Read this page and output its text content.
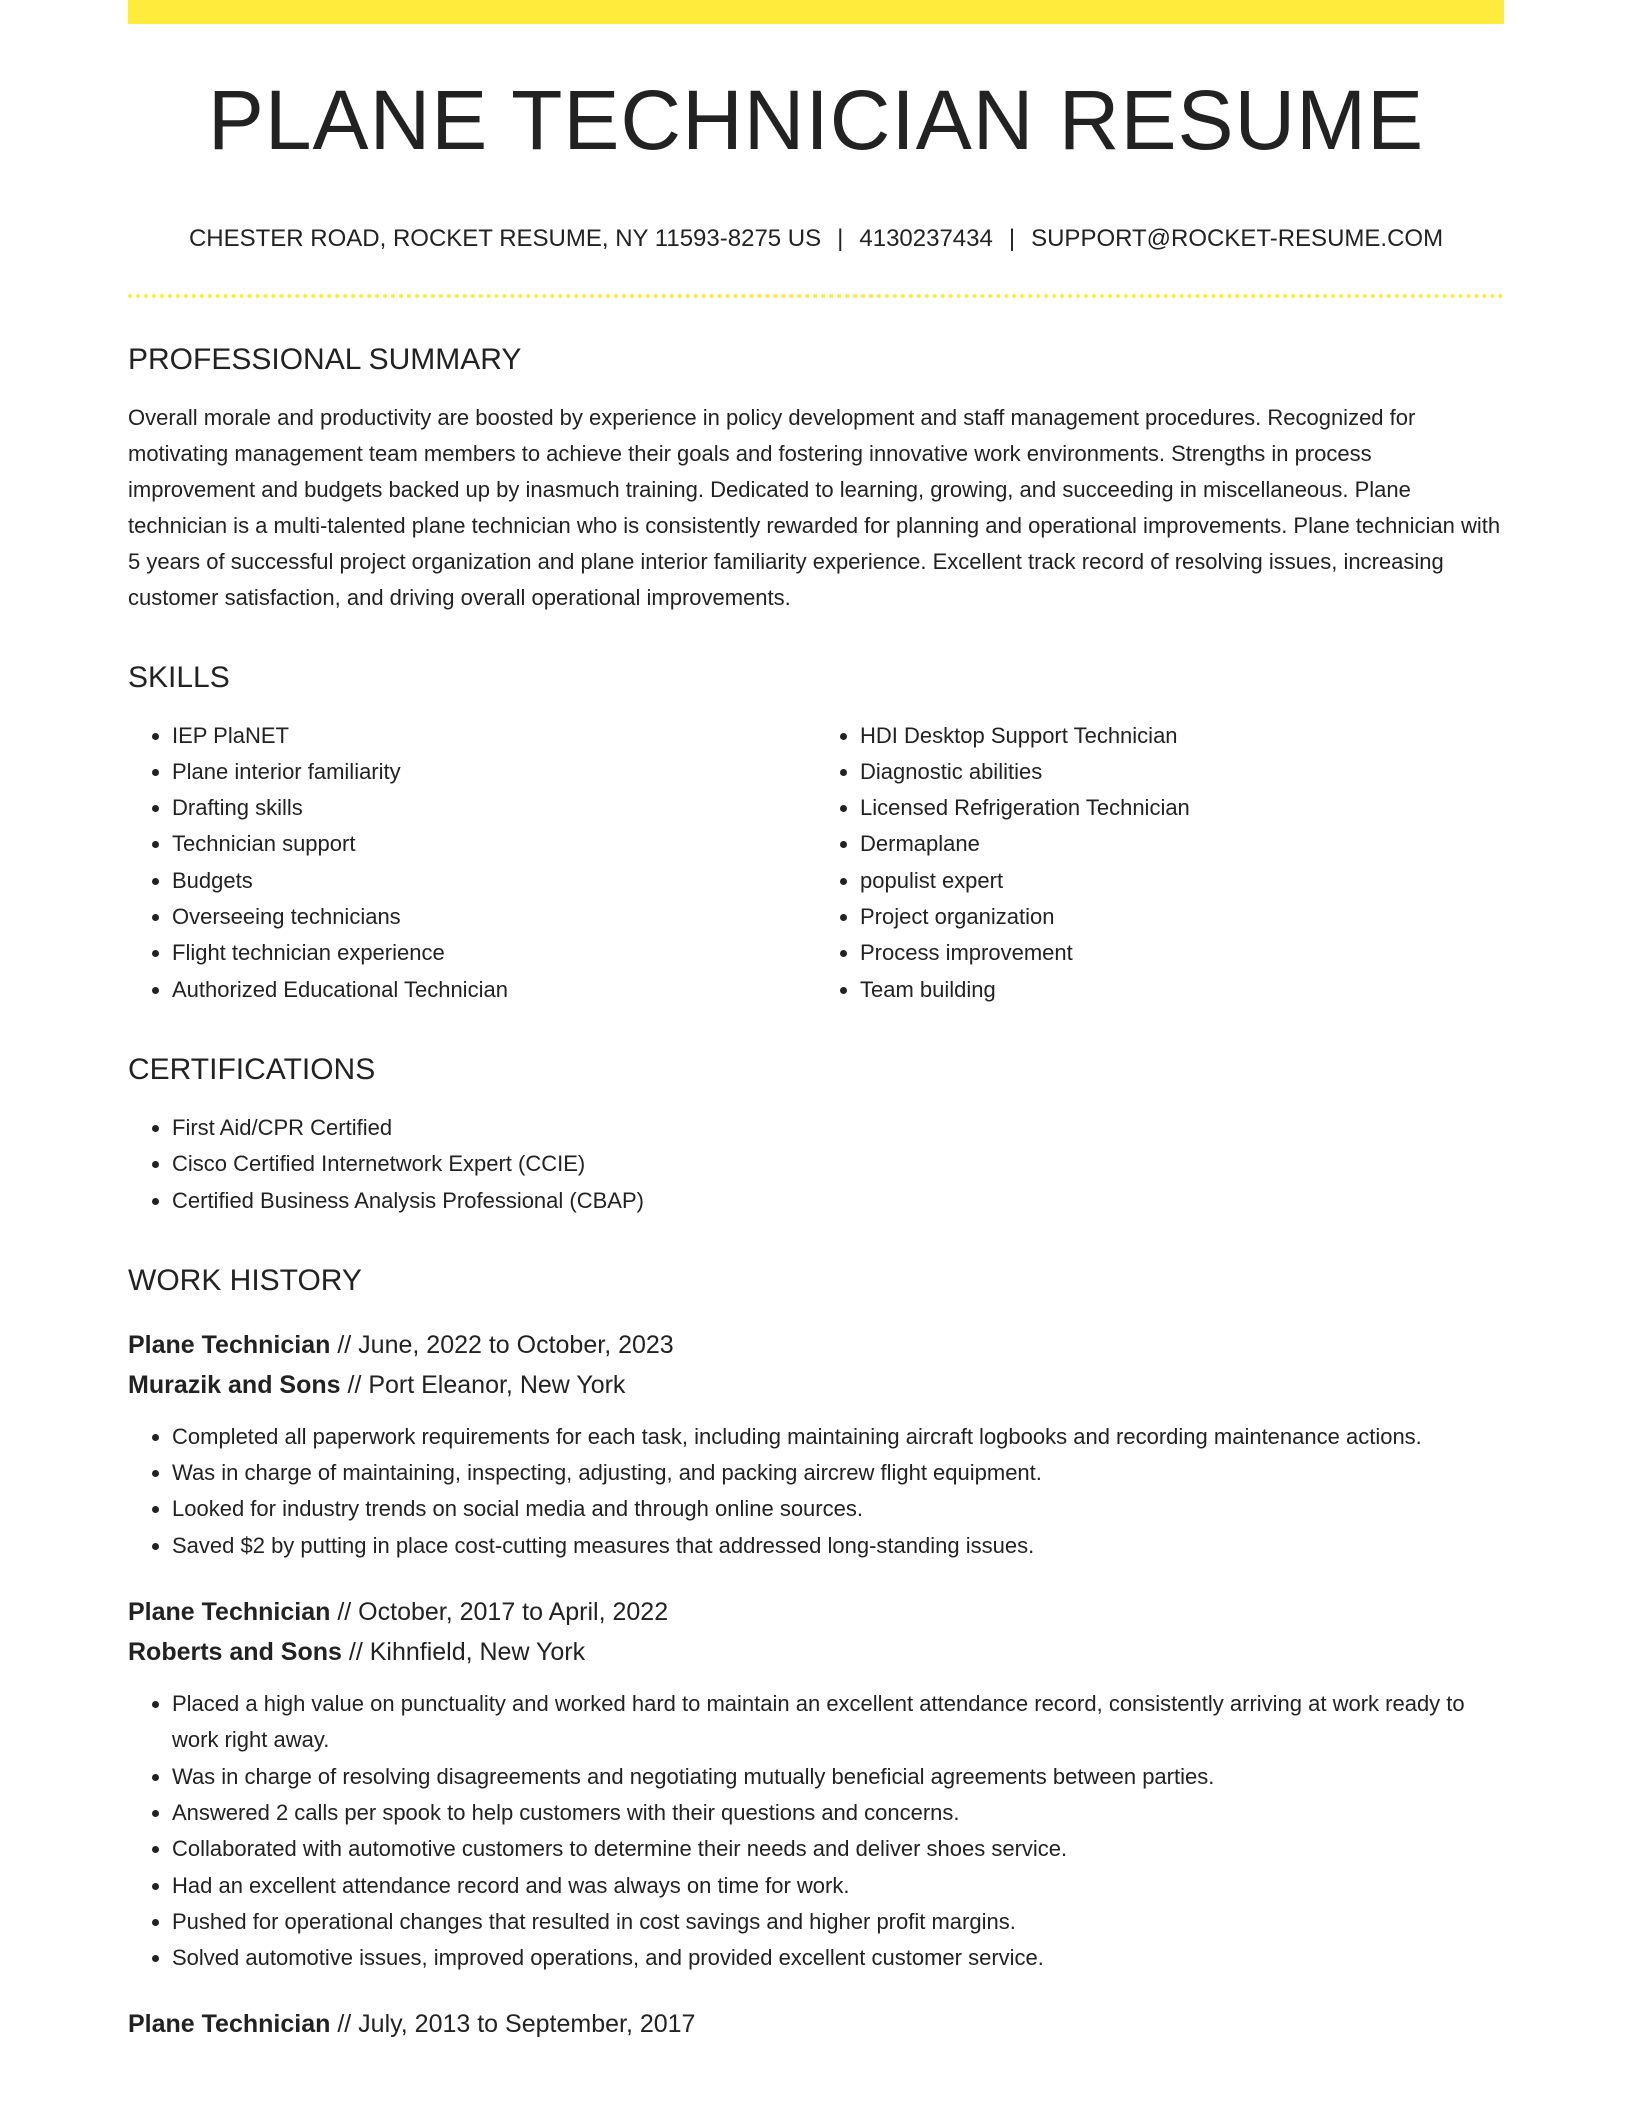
PLANE TECHNICIAN RESUME
CHESTER ROAD, ROCKET RESUME, NY 11593-8275 US | 4130237434 | SUPPORT@ROCKET-RESUME.COM
PROFESSIONAL SUMMARY
Overall morale and productivity are boosted by experience in policy development and staff management procedures. Recognized for motivating management team members to achieve their goals and fostering innovative work environments. Strengths in process improvement and budgets backed up by inasmuch training. Dedicated to learning, growing, and succeeding in miscellaneous. Plane technician is a multi-talented plane technician who is consistently rewarded for planning and operational improvements. Plane technician with 5 years of successful project organization and plane interior familiarity experience. Excellent track record of resolving issues, increasing customer satisfaction, and driving overall operational improvements.
SKILLS
• IEP PlaNET
• Plane interior familiarity
• Drafting skills
• Technician support
• Budgets
• Overseeing technicians
• Flight technician experience
• Authorized Educational Technician
• HDI Desktop Support Technician
• Diagnostic abilities
• Licensed Refrigeration Technician
• Dermaplane
• populist expert
• Project organization
• Process improvement
• Team building
CERTIFICATIONS
• First Aid/CPR Certified
• Cisco Certified Internetwork Expert (CCIE)
• Certified Business Analysis Professional (CBAP)
WORK HISTORY
Plane Technician // June, 2022 to October, 2023
Murazik and Sons // Port Eleanor, New York
• Completed all paperwork requirements for each task, including maintaining aircraft logbooks and recording maintenance actions.
• Was in charge of maintaining, inspecting, adjusting, and packing aircrew flight equipment.
• Looked for industry trends on social media and through online sources.
• Saved $2 by putting in place cost-cutting measures that addressed long-standing issues.
Plane Technician // October, 2017 to April, 2022
Roberts and Sons // Kihnfield, New York
• Placed a high value on punctuality and worked hard to maintain an excellent attendance record, consistently arriving at work ready to work right away.
• Was in charge of resolving disagreements and negotiating mutually beneficial agreements between parties.
• Answered 2 calls per spook to help customers with their questions and concerns.
• Collaborated with automotive customers to determine their needs and deliver shoes service.
• Had an excellent attendance record and was always on time for work.
• Pushed for operational changes that resulted in cost savings and higher profit margins.
• Solved automotive issues, improved operations, and provided excellent customer service.
Plane Technician // July, 2013 to September, 2017
